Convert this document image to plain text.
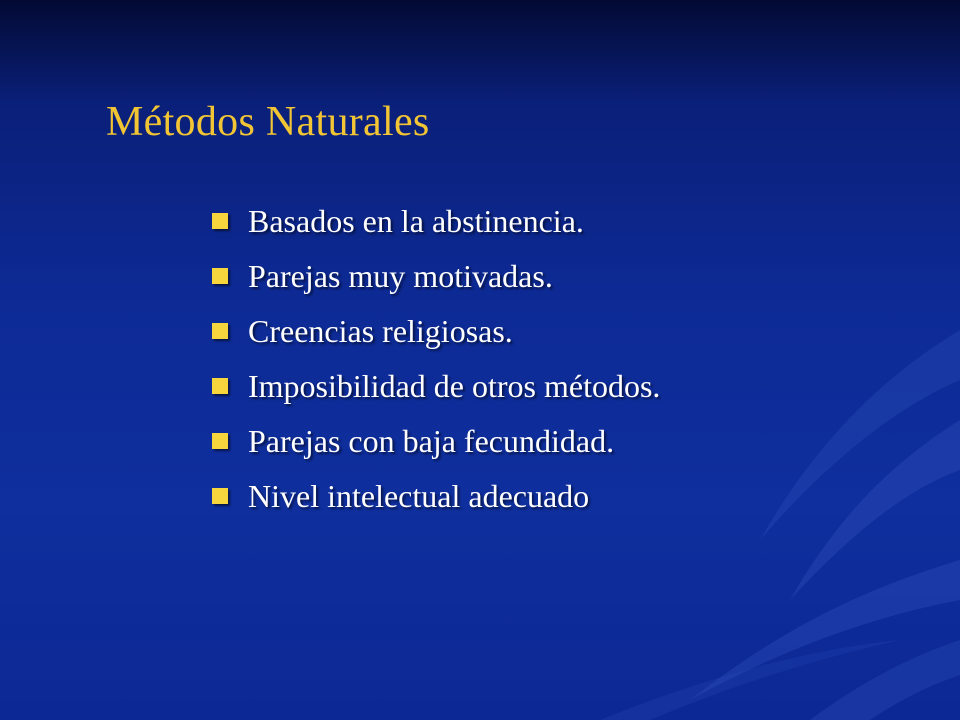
Métodos Naturales
Basados en la abstinencia.
Parejas muy motivadas.
Creencias religiosas.
Imposibilidad de otros métodos.
Parejas con baja fecundidad.
Nivel intelectual adecuado
